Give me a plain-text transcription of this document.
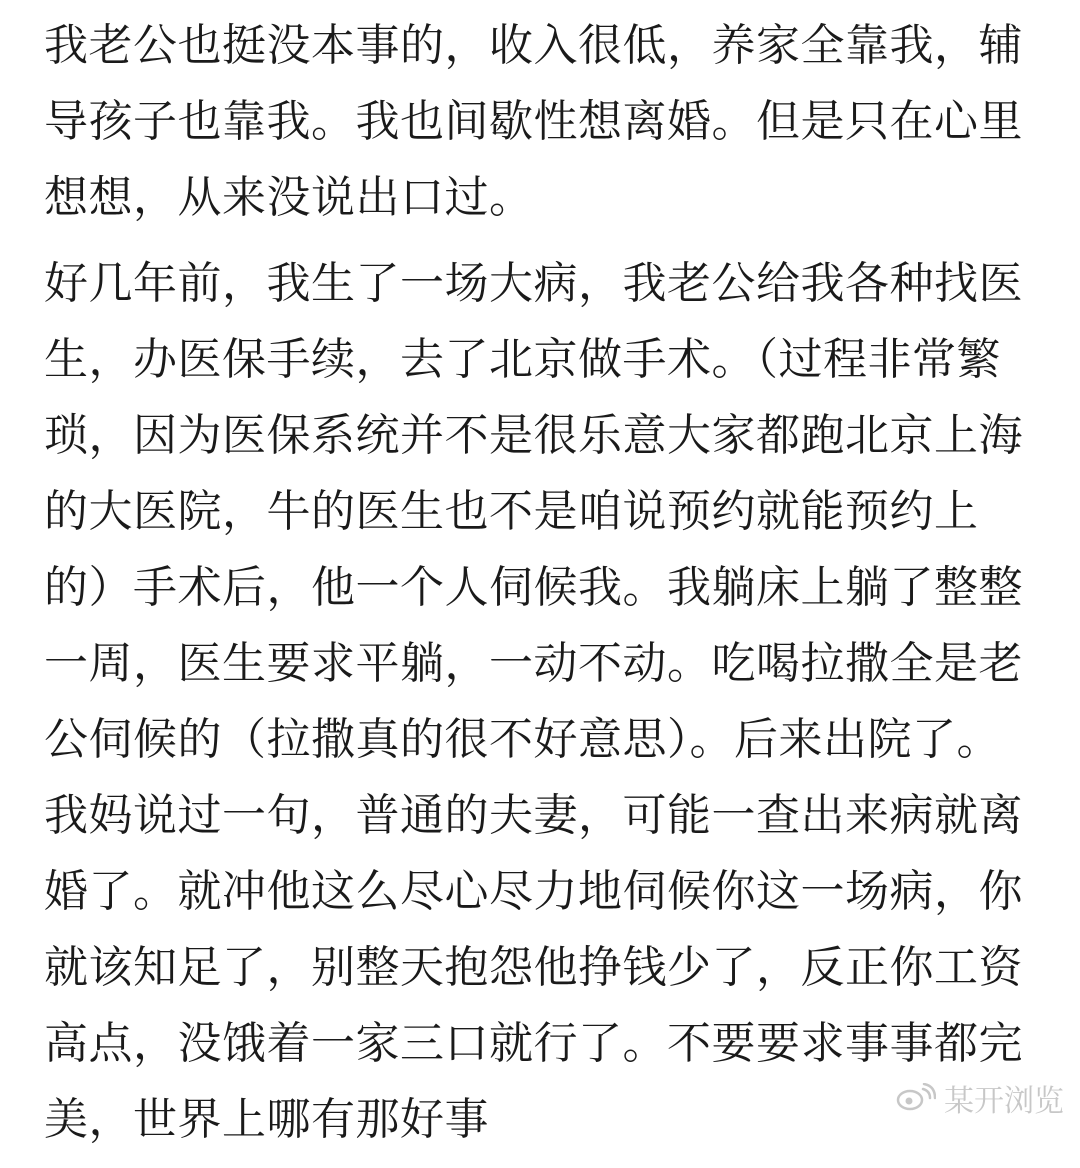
我老公也挺没本事的，收入很低，养家全靠我，辅
导孩子也靠我。我也间歇性想离婚。但是只在心里
想想，从来没说出口过。
好几年前，我生了一场大病，我老公给我各种找医
生，办医保手续，去了北京做手术。（过程非常繁
琐，因为医保系统并不是很乐意大家都跑北京上海
的大医院，牛的医生也不是咱说预约就能预约上
的）手术后，他一个人伺候我。我躺床上躺了整整
一周，医生要求平躺，一动不动。吃喝拉撒全是老
公伺候的（拉撒真的很不好意思）。后来出院了。
我妈说过一句，普通的夫妻，可能一查出来病就离
婚了。就冲他这么尽心尽力地伺候你这一场病，你
就该知足了，别整天抱怨他挣钱少了，反正你工资
高点，没饿着一家三口就行了。不要要求事事都完
美，世界上哪有那好事	某开浏览
